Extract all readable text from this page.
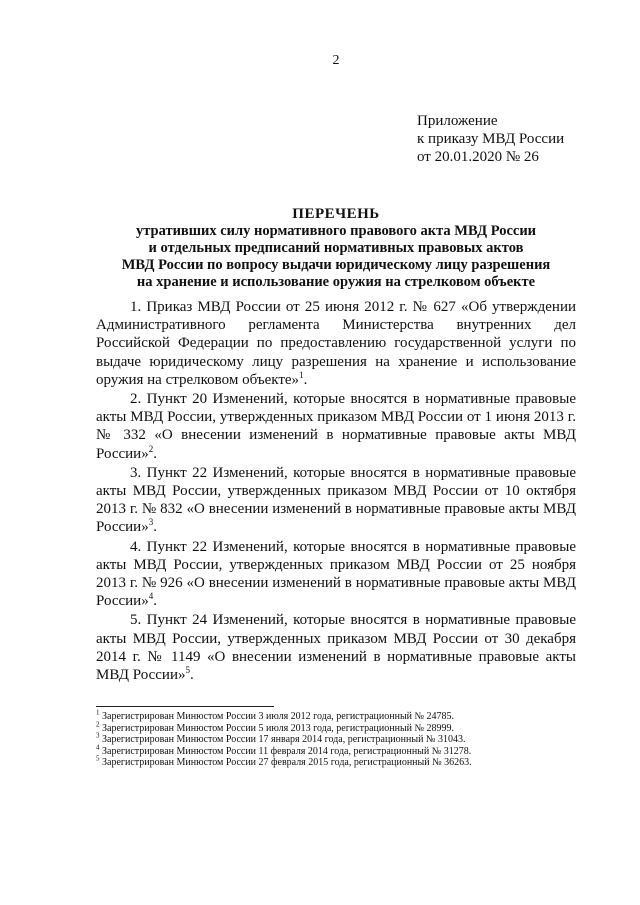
2
Приложение
к приказу МВД России
от 20.01.2020 № 26
ПЕРЕЧЕНЬ
утративших силу нормативного правового акта МВД России
и отдельных предписаний нормативных правовых актов
МВД России по вопросу выдачи юридическому лицу разрешения
на хранение и использование оружия на стрелковом объекте

1. Приказ МВД России от 25 июня 2012 г. № 627 «Об утверждении Административного регламента Министерства внутренних дел Российской Федерации по предоставлению государственной услуги по выдаче юридическому лицу разрешения на хранение и использование оружия на стрелковом объекте»$^1$.

2. Пункт 20 Изменений, которые вносятся в нормативные правовые акты МВД России, утвержденных приказом МВД России от 1 июня 2013 г. № 332 «О внесении изменений в нормативные правовые акты МВД России»$^2$.

3. Пункт 22 Изменений, которые вносятся в нормативные правовые акты МВД России, утвержденных приказом МВД России от 10 октября 2013 г. № 832 «О внесении изменений в нормативные правовые акты МВД России»$^3$.

4. Пункт 22 Изменений, которые вносятся в нормативные правовые акты МВД России, утвержденных приказом МВД России от 25 ноября 2013 г. № 926 «О внесении изменений в нормативные правовые акты МВД России»$^4$.

5. Пункт 24 Изменений, которые вносятся в нормативные правовые акты МВД России, утвержденных приказом МВД России от 30 декабря 2014 г. № 1149 «О внесении изменений в нормативные правовые акты МВД России»$^5$.

$^1$ Зарегистрирован Минюстом России 3 июля 2012 года, регистрационный № 24785.
$^2$ Зарегистрирован Минюстом России 5 июля 2013 года, регистрационный № 28999.
$^3$ Зарегистрирован Минюстом России 17 января 2014 года, регистрационный № 31043.
$^4$ Зарегистрирован Минюстом России 11 февраля 2014 года, регистрационный № 31278.
$^5$ Зарегистрирован Минюстом России 27 февраля 2015 года, регистрационный № 36263.
